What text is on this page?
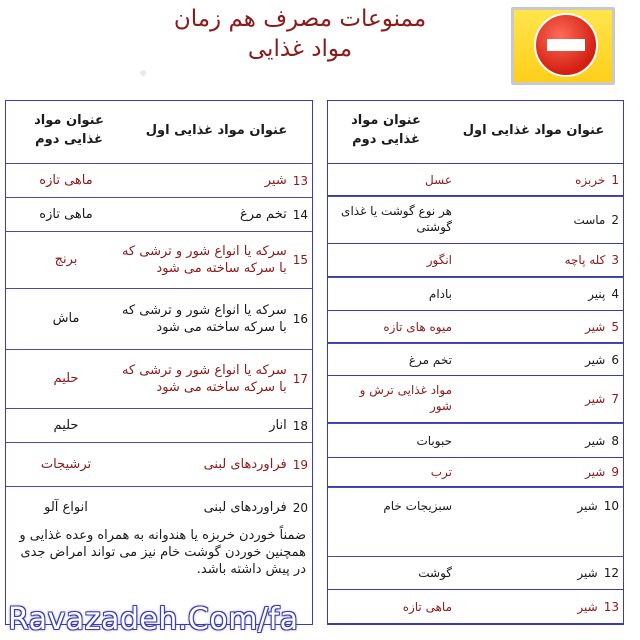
ممنوعات مصرف هم زمان
مواد غذایی
عنوان مواد غذایی اول
عنوان مواد غذایی دوم
1
خربزه
عسل
2
ماست
هر نوع گوشت یا غذای گوشتی
3
کله پاچه
انگور
4
پنیر
بادام
5
شیر
میوه های تازه
6
شیر
تخم مرغ
7
شیر
مواد غذایی ترش و شور
8
شیر
حبوبات
9
شیر
ترب
10
شیر
سبزیجات خام
12
شیر
گوشت
13
شیر
ماهی تازه
عنوان مواد غذایی اول
عنوان مواد غذایی دوم
13
شیر
ماهی تازه
14
تخم مرغ
ماهی تازه
15
سرکه یا انواع شور و ترشی که با سرکه ساخته می شود
برنج
16
سرکه یا انواع شور و ترشی که با سرکه ساخته می شود
ماش
17
سرکه یا انواع شور و ترشی که با سرکه ساخته می شود
حلیم
18
انار
حلیم
19
فراوردهای لبنی
ترشیجات
20
فراوردهای لبنی
انواع آلو
ضمناً خوردن خربزه یا هندوانه به همراه وعده غذایی و همچنین خوردن گوشت خام نیز می تواند امراض جدی در پیش داشته باشد.
Ravazadeh.Com/fa
